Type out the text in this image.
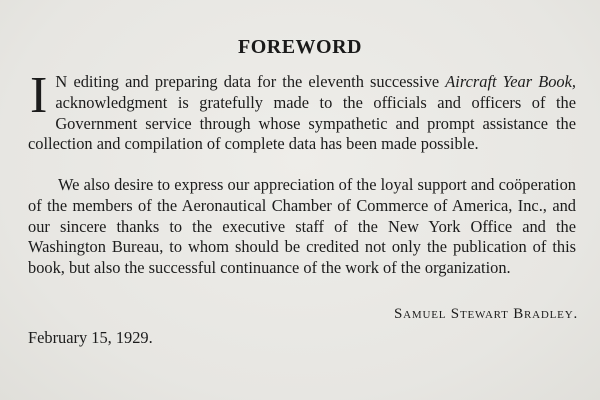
FOREWORD
I N editing and preparing data for the eleventh successive Aircraft Year Book, acknowledgment is gratefully made to the officials and officers of the Government service through whose sympathetic and prompt assistance the collection and compilation of complete data has been made possible.
We also desire to express our appreciation of the loyal support and coöperation of the members of the Aeronautical Chamber of Commerce of America, Inc., and our sincere thanks to the executive staff of the New York Office and the Washington Bureau, to whom should be credited not only the publication of this book, but also the successful continuance of the work of the organization.
Samuel Stewart Bradley.
February 15, 1929.
